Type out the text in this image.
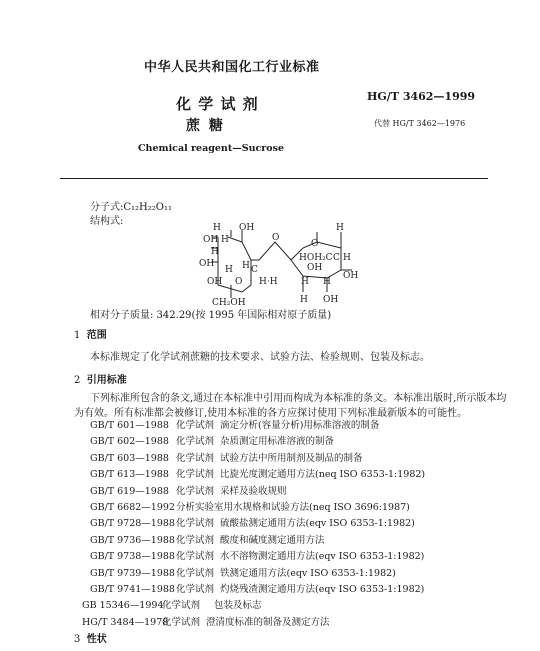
中华人民共和国化工行业标准
化 学 试 剂
蔗 糖
Chemical reagent—Sucrose
HG/T 3462—1999
代替 HG/T 3462—1976
分子式:C₁₂H₂₂O₁₁
结构式:
H OH
OH H	O
H
O
H
OH
HOH₂C C H
OH
H C
H
H·H
O
OH
CH₂OH
H
OH
H
H OH
相对分子质量: 342.29(按 1995 年国际相对原子质量)
1 范围
本标准规定了化学试剂蔗糖的技术要求、试验方法、检验规则、包装及标志。
2 引用标准
下列标准所包含的条文,通过在本标准中引用而构成为本标准的条文。本标准出版时,所示版本均
为有效。所有标准都会被修订,使用本标准的各方应探讨使用下列标准最新版本的可能性。
GB/T 601—1988 化学试剂 滴定分析(容量分析)用标准溶液的制备
GB/T 602—1988 化学试剂 杂质测定用标准溶液的制备
GB/T 603—1988 化学试剂 试验方法中所用制剂及制品的制备
GB/T 613—1988 化学试剂 比旋光度测定通用方法(neq ISO 6353-1:1982)
GB/T 619—1988 化学试剂 采样及验收规则
GB/T 6682—1992分析实验室用水规格和试验方法(neq ISO 3696:1987)
GB/T 9728—1988化学试剂 硫酸盐测定通用方法(eqv ISO 6353-1:1982)
GB/T 9736—1988化学试剂 酸度和碱度测定通用方法
GB/T 9738—1988化学试剂 水不溶物测定通用方法(eqv ISO 6353-1:1982)
GB/T 9739—1988化学试剂 铁测定通用方法(eqv ISO 6353-1:1982)
GB/T 9741—1988化学试剂 灼烧残渣测定通用方法(eqv ISO 6353-1:1982)
GB 15346—1994化学试剂 包装及标志
HG/T 3484—1978化学试剂 澄清度标准的制备及测定方法
3 性状
